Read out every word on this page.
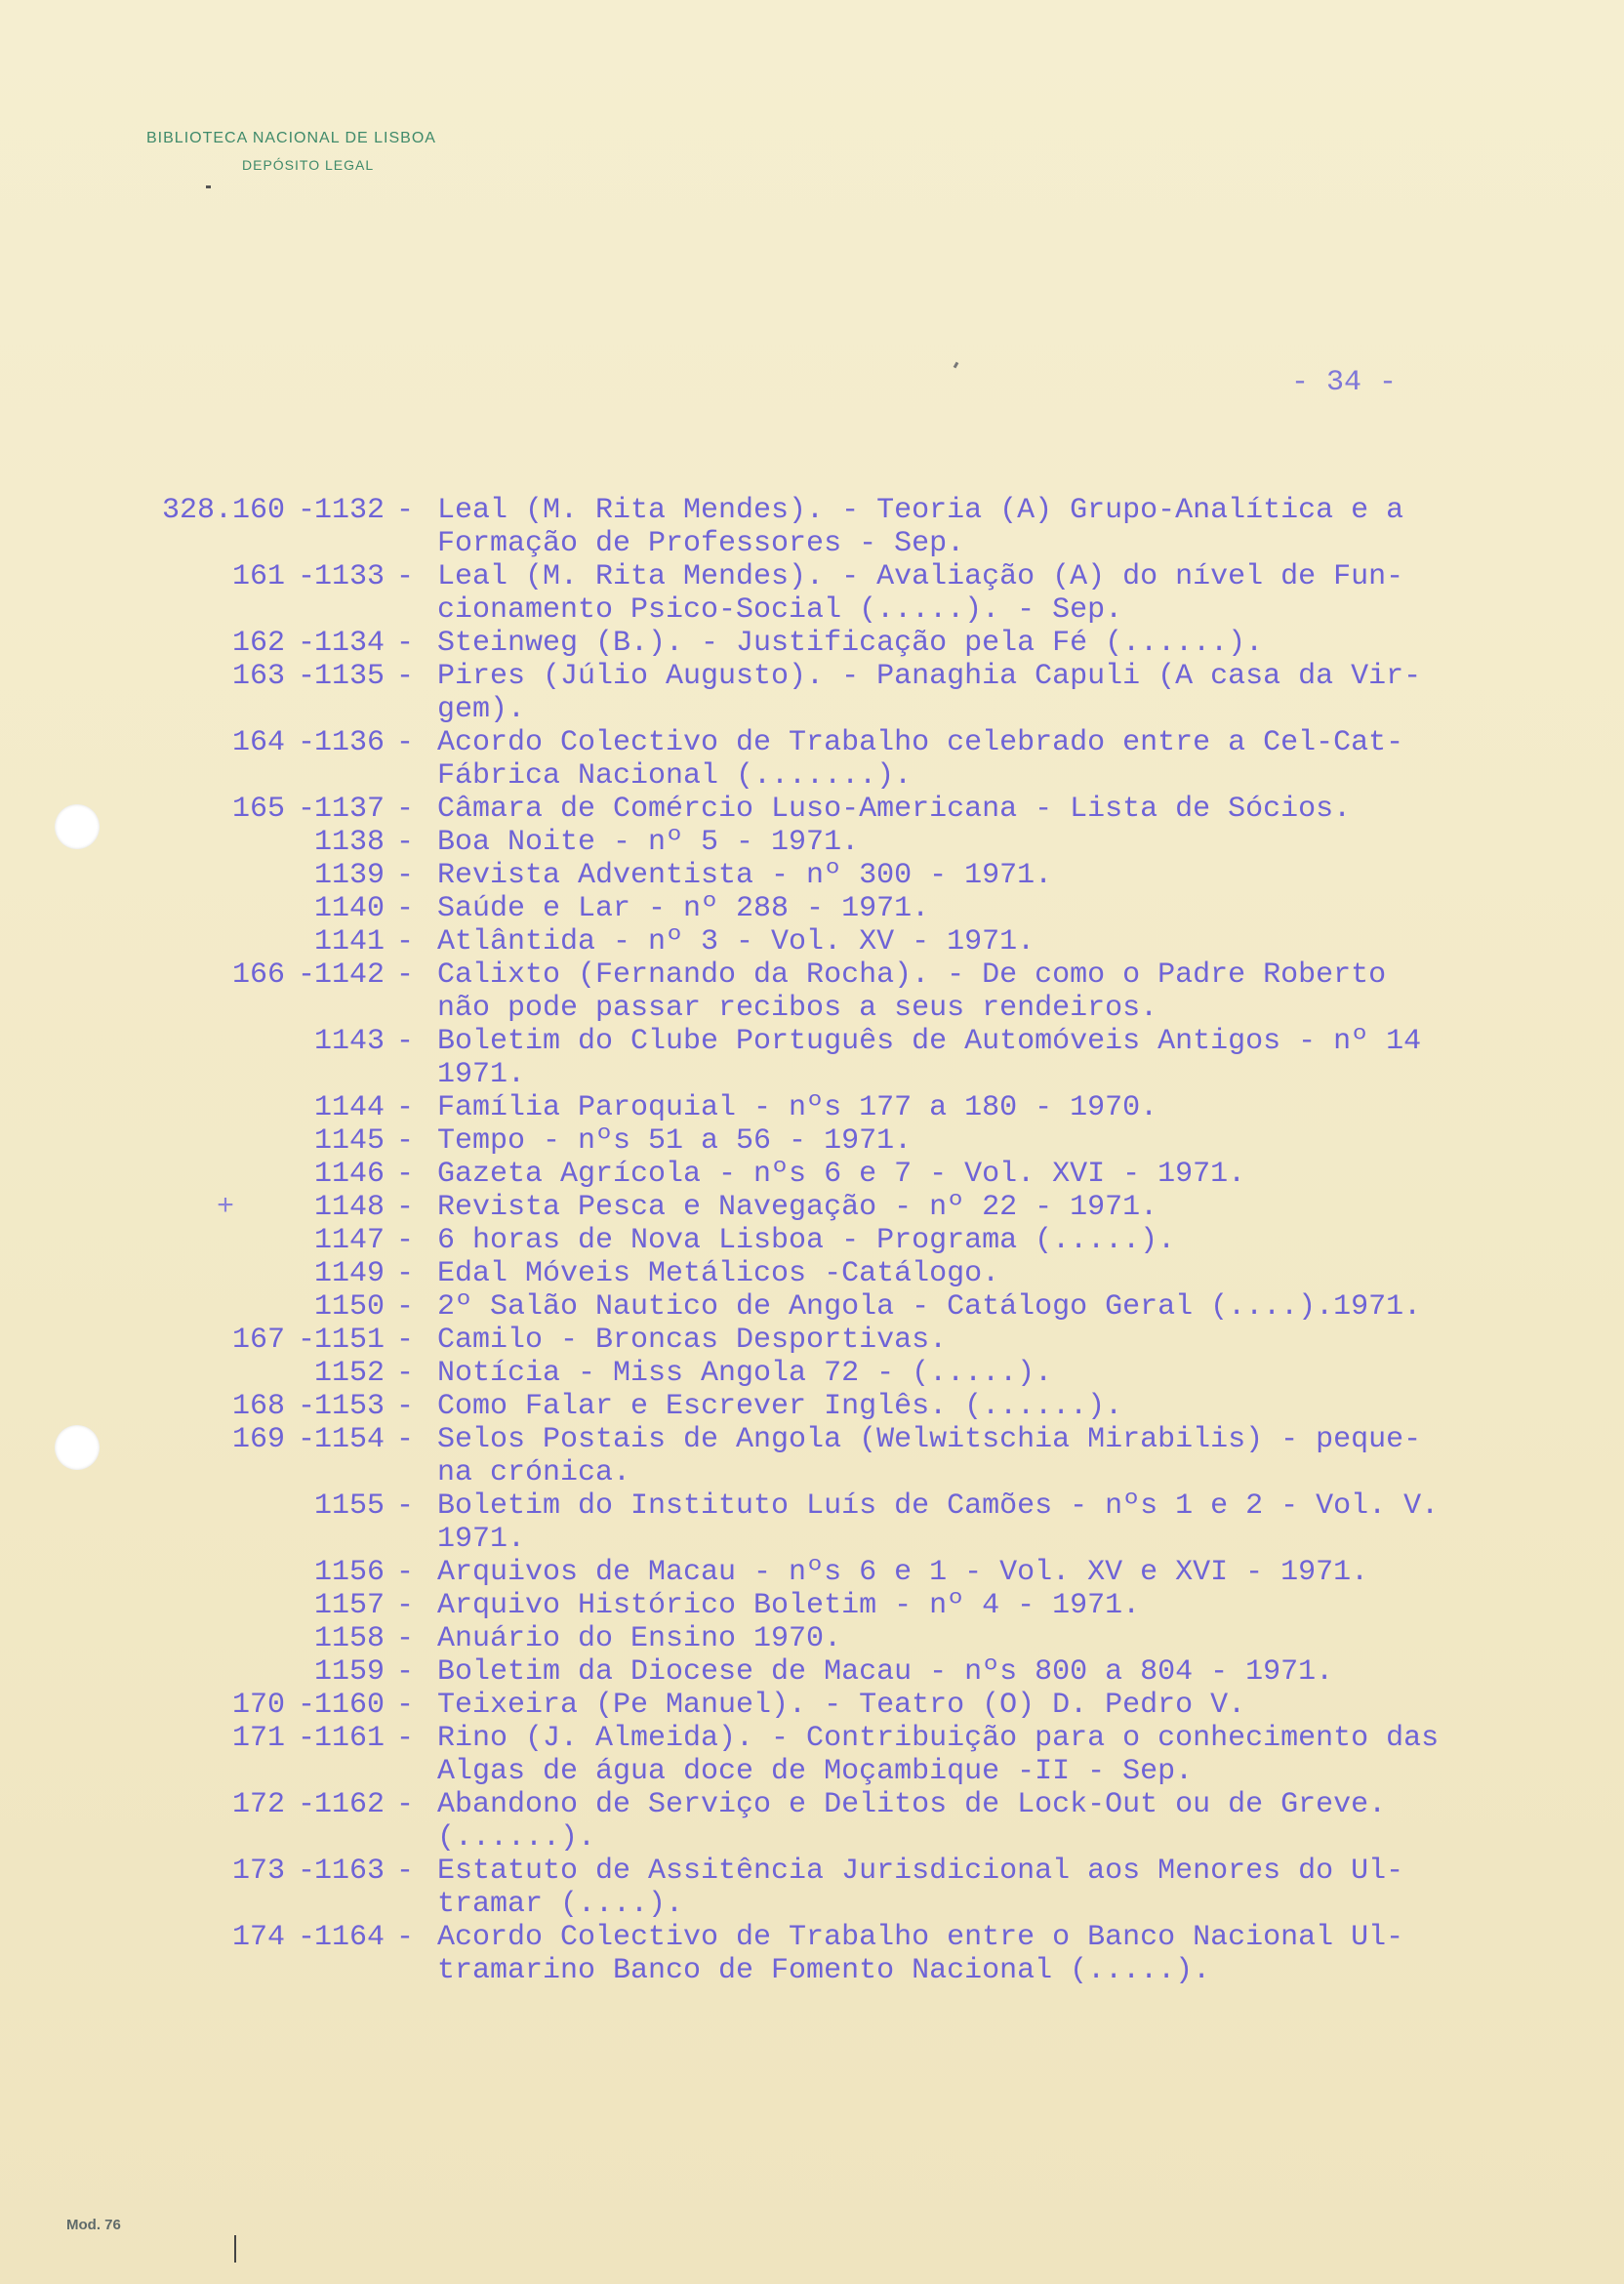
BIBLIOTECA NACIONAL DE LISBOA
DEPÓSITO LEGAL
- 34 -
328.160 -
1132 - Leal (M. Rita Mendes). - Teoria (A) Grupo-Analítica e a
Formação de Professores - Sep.
161 -
1133 - Leal (M. Rita Mendes). - Avaliação (A) do nível de Fun-
cionamento Psico-Social (.....). - Sep.
162 -
1134 - Steinweg (B.). - Justificação pela Fé (......).
163 -
1135 - Pires (Júlio Augusto). - Panaghia Capuli (A casa da Vir-
gem).
164 -
1136 - Acordo Colectivo de Trabalho celebrado entre a Cel-Cat-
Fábrica Nacional (.......).
165 -
1137 - Câmara de Comércio Luso-Americana - Lista de Sócios.
1138 - Boa Noite - nº 5 - 1971.
1139 - Revista Adventista - nº 300 - 1971.
1140 - Saúde e Lar - nº 288 - 1971.
1141 - Atlântida - nº 3 - Vol. XV - 1971.
166 -
1142 - Calixto (Fernando da Rocha). - De como o Padre Roberto
não pode passar recibos a seus rendeiros.
1143 - Boletim do Clube Português de Automóveis Antigos - nº 14
1971.
1144 - Família Paroquial - nºs 177 a 180 - 1970.
1145 - Tempo - nºs 51 a 56 - 1971.
1146 - Gazeta Agrícola - nºs 6 e 7 - Vol. XVI - 1971.
+	1148 - Revista Pesca e Navegação - nº 22 - 1971.
1147 - 6 horas de Nova Lisboa - Programa (.....).
1149 - Edal Móveis Metálicos -Catálogo.
1150 - 2º Salão Nautico de Angola - Catálogo Geral (....).1971.
167 -
1151 - Camilo - Broncas Desportivas.
1152 - Notícia - Miss Angola 72 - (.....).
168 -
1153 - Como Falar e Escrever Inglês. (......).
169 -
1154 - Selos Postais de Angola (Welwitschia Mirabilis) - peque-
na crónica.
1155 - Boletim do Instituto Luís de Camões - nºs 1 e 2 - Vol. V.
1971.
1156 - Arquivos de Macau - nºs 6 e 1 - Vol. XV e XVI - 1971.
1157 - Arquivo Histórico Boletim - nº 4 - 1971.
1158 - Anuário do Ensino 1970.
1159 - Boletim da Diocese de Macau - nºs 800 a 804 - 1971.
170 -
1160 - Teixeira (Pe Manuel). - Teatro (O) D. Pedro V.
171 -
1161 - Rino (J. Almeida). - Contribuição para o conhecimento das
Algas de água doce de Moçambique -II - Sep.
172 -
1162 - Abandono de Serviço e Delitos de Lock-Out ou de Greve.
(......).
173 -
1163 - Estatuto de Assitência Jurisdicional aos Menores do Ul-
tramar (....).
174 -
1164 - Acordo Colectivo de Trabalho entre o Banco Nacional Ul-
tramarino Banco de Fomento Nacional (.....).
Mod. 76
